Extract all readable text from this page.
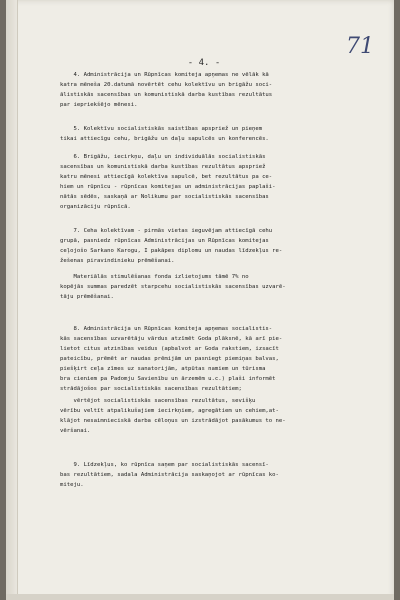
- 4. -
71
4. Administrācija un Rūpnīcas komiteja apņemas ne vēlāk kā
katra mēneša 20.datumā novērtēt cehu kolektīvu un brigāžu soci-
ālistiskās sacensības un komunistiskā darba kustības rezultātus
par iepriekšējo mēnesi.
5. Kolektīvu socialistiskās saistības apspriež un pieņem
tikai attiecīgu cehu, brigāžu un daļu sapulcēs un konferencēs.
6. Brigāžu, iecirkņu, daļu un individuālās socialistiskās
sacensības un komunistiskā darba kustības rezultātus apspriež
katru mēnesi attiecīgā kolektīva sapulcē, bet rezultātus pa ce-
hiem un rūpnīcu - rūpnīcas komitejas un administrācijas paplaši-
nātās sēdēs, saskaņā ar Nolikumu par socialistiskās sacensības
organizāciju rūpnīcā.
7. Ceha kolektīvam - pirmās vietas ieguvējam attiecīgā cehu
grupā, pasniedz rūpnīcas Administrācijas un Rūpnīcas komitejas
ceļojošo Sarkano Karogu, I pakāpes diplomu un naudas līdzekļus re-
žešenas piravindinieku prēmēšanai.
Materiālās stimulēšanas fonda izlietojums tāmē 7% no
kopējās summas paredzēt starpcehu socialistiskās sacensības uzvarē-
tāju prēmēšanai.
8. Administrācija un Rūpnīcas komiteja apņemas socialistis-
kās sacensības uzvarētāju vārdus atzīmēt Goda plāksnē, kā arī pie-
lietot citus atzinības veidus (apbalvot ar Goda rakstiem, izsacīt
pateicību, prēmēt ar naudas prēmijām un pasniegt piemiņas balvas,
piešķirt ceļa zīmes uz sanatorijām, atpūtas namiem un tūrisma
bra cieniem pa Padomju Savienību un ārzemēm u.c.) plaši informēt
strādājošos par socialistiskās sacensības rezultātiem;
vērtējot socialistiskās sacensības rezultātus, sevišķu
vērību veltīt atpalikušajiem iecirkņiem, agregātiem un cehiem,at-
klājot nesaimnieciskā darba cēloņus un izstrādājot pasākumus to ne-
vēršanai.
9. Līdzekļus, ko rūpnīca saņem par socialistiskās sacensī-
bas rezultātiem, sadala Administrācija saskaņojot ar rūpnīcas ko-
miteju.
